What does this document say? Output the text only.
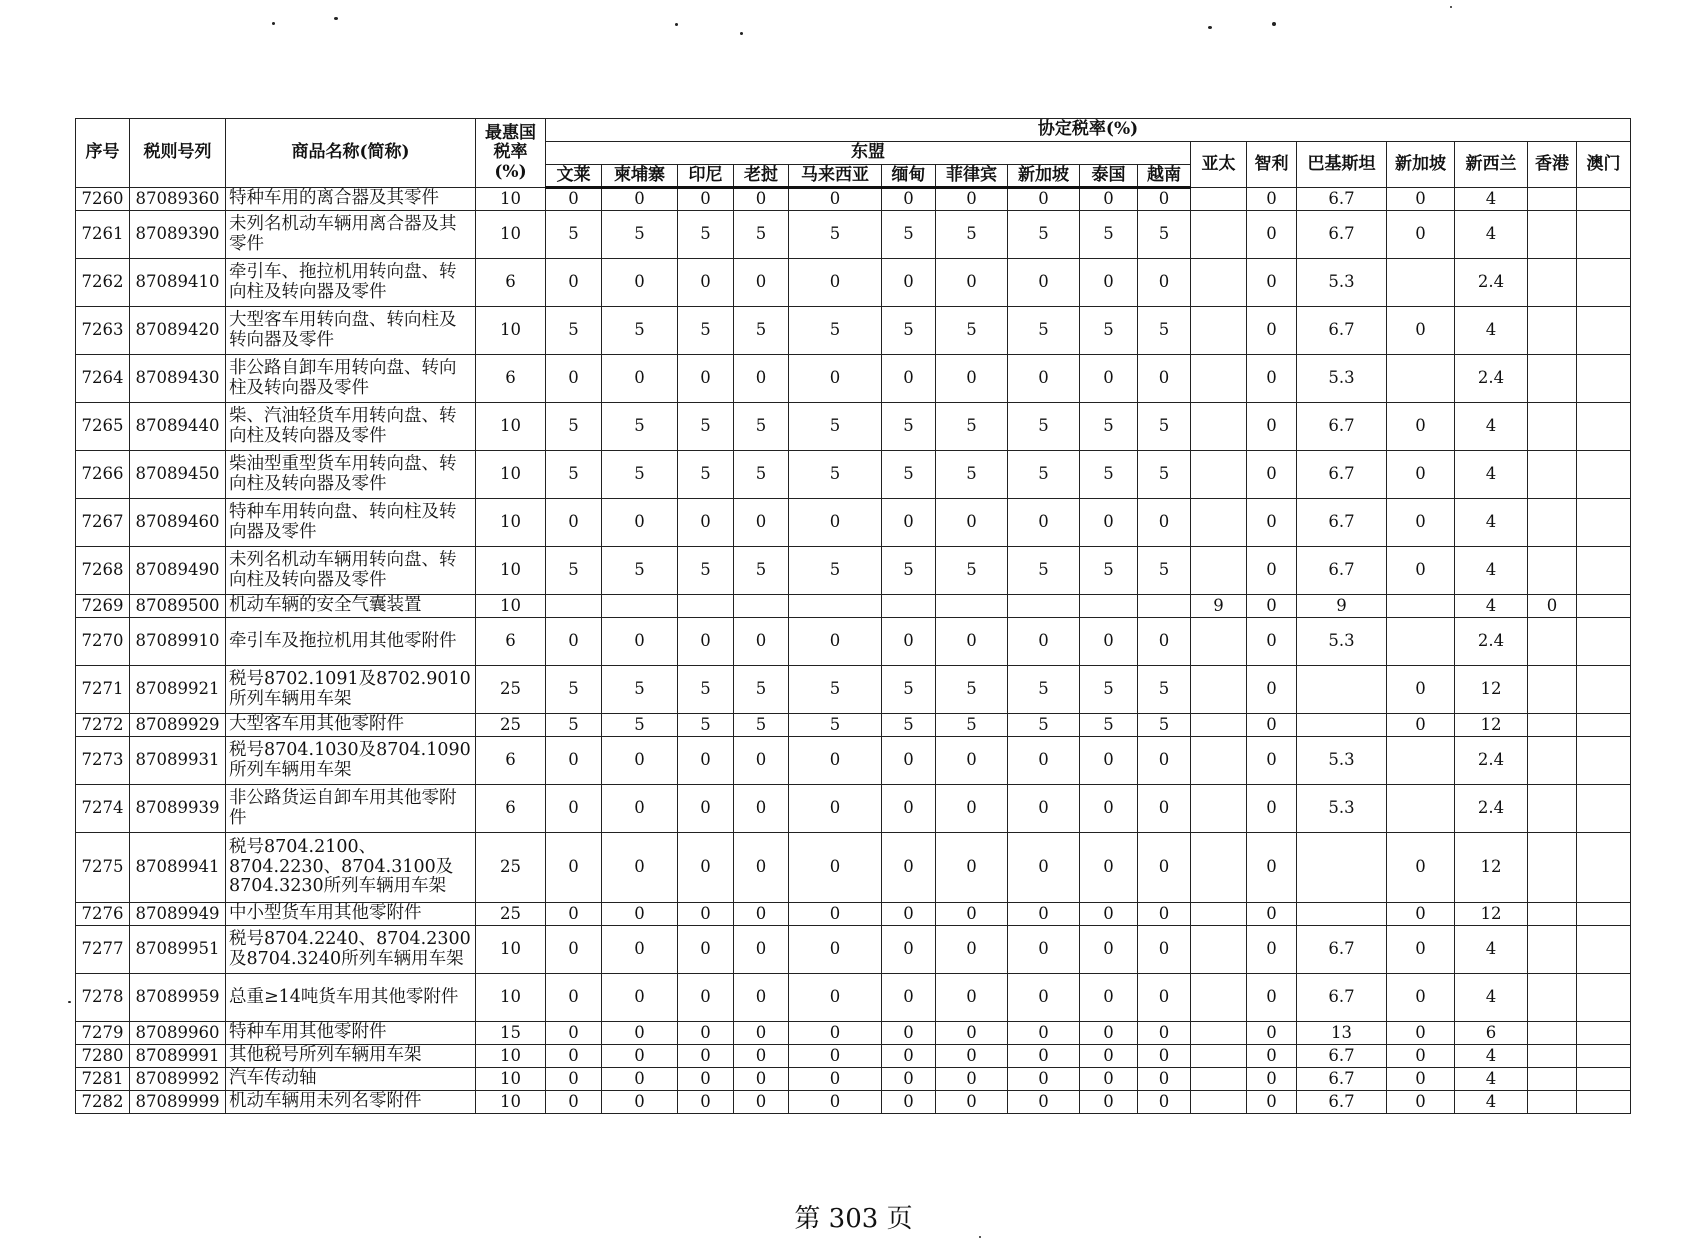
序号	税则号列	商品名称(简称)	最惠国税率(%)	协定税率(%)																
				东盟										亚太	智利	巴基斯坦	新加坡	新西兰	香港	澳门
				文莱	柬埔寨	印尼	老挝	马来西亚	缅甸	菲律宾	新加坡	泰国	越南							
7260	87089360	特种车用的离合器及其零件	10	0	0	0	0	0	0	0	0	0	0		0	6.7	0	4		
7261	87089390	未列名机动车辆用离合器及其零件	10	5	5	5	5	5	5	5	5	5	5		0	6.7	0	4		
7262	87089410	牵引车、拖拉机用转向盘、转向柱及转向器及零件	6	0	0	0	0	0	0	0	0	0	0		0	5.3		2.4		
7263	87089420	大型客车用转向盘、转向柱及转向器及零件	10	5	5	5	5	5	5	5	5	5	5		0	6.7	0	4		
7264	87089430	非公路自卸车用转向盘、转向柱及转向器及零件	6	0	0	0	0	0	0	0	0	0	0		0	5.3		2.4		
7265	87089440	柴、汽油轻货车用转向盘、转向柱及转向器及零件	10	5	5	5	5	5	5	5	5	5	5		0	6.7	0	4		
7266	87089450	柴油型重型货车用转向盘、转向柱及转向器及零件	10	5	5	5	5	5	5	5	5	5	5		0	6.7	0	4		
7267	87089460	特种车用转向盘、转向柱及转向器及零件	10	0	0	0	0	0	0	0	0	0	0		0	6.7	0	4		
7268	87089490	未列名机动车辆用转向盘、转向柱及转向器及零件	10	5	5	5	5	5	5	5	5	5	5		0	6.7	0	4		
7269	87089500	机动车辆的安全气囊装置	10											9	0	9		4	0	
7270	87089910	牵引车及拖拉机用其他零附件	6	0	0	0	0	0	0	0	0	0	0		0	5.3		2.4		
7271	87089921	税号8702.1091及8702.9010所列车辆用车架	25	5	5	5	5	5	5	5	5	5	5		0		0	12		
7272	87089929	大型客车用其他零附件	25	5	5	5	5	5	5	5	5	5	5		0		0	12		
7273	87089931	税号8704.1030及8704.1090所列车辆用车架	6	0	0	0	0	0	0	0	0	0	0		0	5.3		2.4		
7274	87089939	非公路货运自卸车用其他零附件	6	0	0	0	0	0	0	0	0	0	0		0	5.3		2.4		
7275	87089941	税号8704.2100、8704.2230、8704.3100及8704.3230所列车辆用车架	25	0	0	0	0	0	0	0	0	0	0		0		0	12		
7276	87089949	中小型货车用其他零附件	25	0	0	0	0	0	0	0	0	0	0		0		0	12		
7277	87089951	税号8704.2240、8704.2300及8704.3240所列车辆用车架	10	0	0	0	0	0	0	0	0	0	0		0	6.7	0	4		
7278	87089959	总重≥14吨货车用其他零附件	10	0	0	0	0	0	0	0	0	0	0		0	6.7	0	4		
7279	87089960	特种车用其他零附件	15	0	0	0	0	0	0	0	0	0	0		0	13	0	6		
7280	87089991	其他税号所列车辆用车架	10	0	0	0	0	0	0	0	0	0	0		0	6.7	0	4		
7281	87089992	汽车传动轴	10	0	0	0	0	0	0	0	0	0	0		0	6.7	0	4		
7282	87089999	机动车辆用未列名零附件	10	0	0	0	0	0	0	0	0	0	0		0	6.7	0	4		
第 303 页
